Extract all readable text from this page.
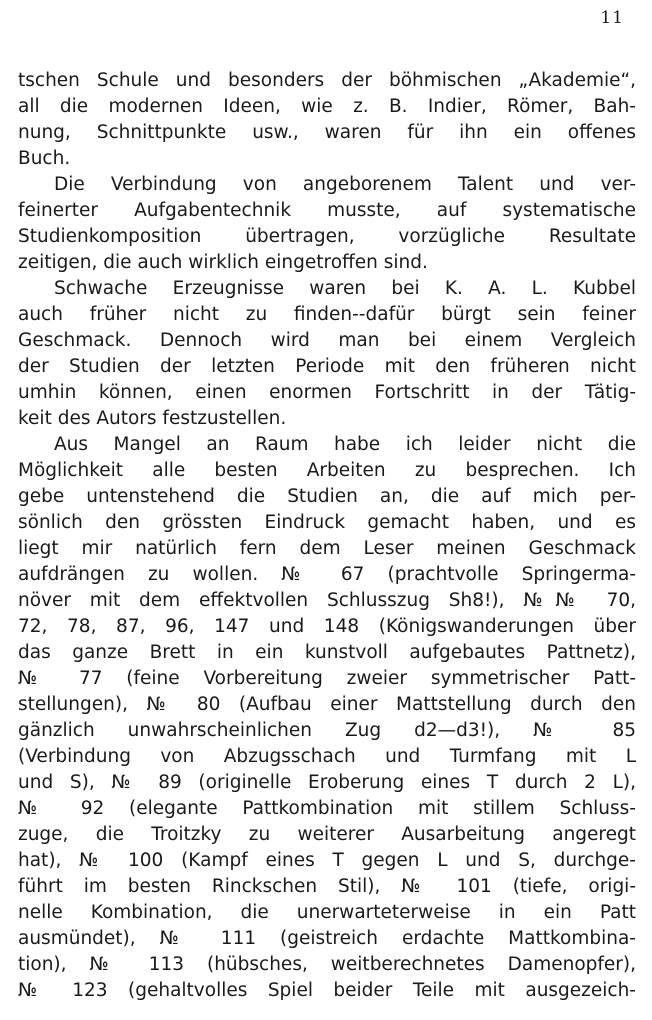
11
tschen Schule und besonders der böhmischen „Akademie“,
all die modernen Ideen, wie z. B. Indier, Römer, Bah-
nung, Schnittpunkte usw., waren für ihn ein offenes
Buch.
Die Verbindung von angeborenem Talent und ver-
feinerter Aufgabentechnik musste, auf systematische
Studienkomposition übertragen, vorzügliche Resultate
zeitigen, die auch wirklich eingetroffen sind.
Schwache Erzeugnisse waren bei K. A. L. Kubbel
auch früher nicht zu finden--dafür bürgt sein feiner
Geschmack. Dennoch wird man bei einem Vergleich
der Studien der letzten Periode mit den früheren nicht
umhin können, einen enormen Fortschritt in der Tätig-
keit des Autors festzustellen.
Aus Mangel an Raum habe ich leider nicht die
Möglichkeit alle besten Arbeiten zu besprechen. Ich
gebe untenstehend die Studien an, die auf mich per-
sönlich den grössten Eindruck gemacht haben, und es
liegt mir natürlich fern dem Leser meinen Geschmack
aufdrängen zu wollen. № 67 (prachtvolle Springerma-
növer mit dem effektvollen Schlusszug Sh8!), №№ 70,
72, 78, 87, 96, 147 und 148 (Königswanderungen über
das ganze Brett in ein kunstvoll aufgebautes Pattnetz),
№ 77 (feine Vorbereitung zweier symmetrischer Patt-
stellungen), № 80 (Aufbau einer Mattstellung durch den
gänzlich unwahrscheinlichen Zug d2—d3!), № 85
(Verbindung von Abzugsschach und Turmfang mit L
und S), № 89 (originelle Eroberung eines T durch 2 L),
№ 92 (elegante Pattkombination mit stillem Schluss-
zuge, die Troitzky zu weiterer Ausarbeitung angeregt
hat), № 100 (Kampf eines T gegen L und S, durchge-
führt im besten Rinckschen Stil), № 101 (tiefe, origi-
nelle Kombination, die unerwarteterweise in ein Patt
ausmündet), № 111 (geistreich erdachte Mattkombina-
tion), № 113 (hübsches, weitberechnetes Damenopfer),
№ 123 (gehaltvolles Spiel beider Teile mit ausgezeich-
